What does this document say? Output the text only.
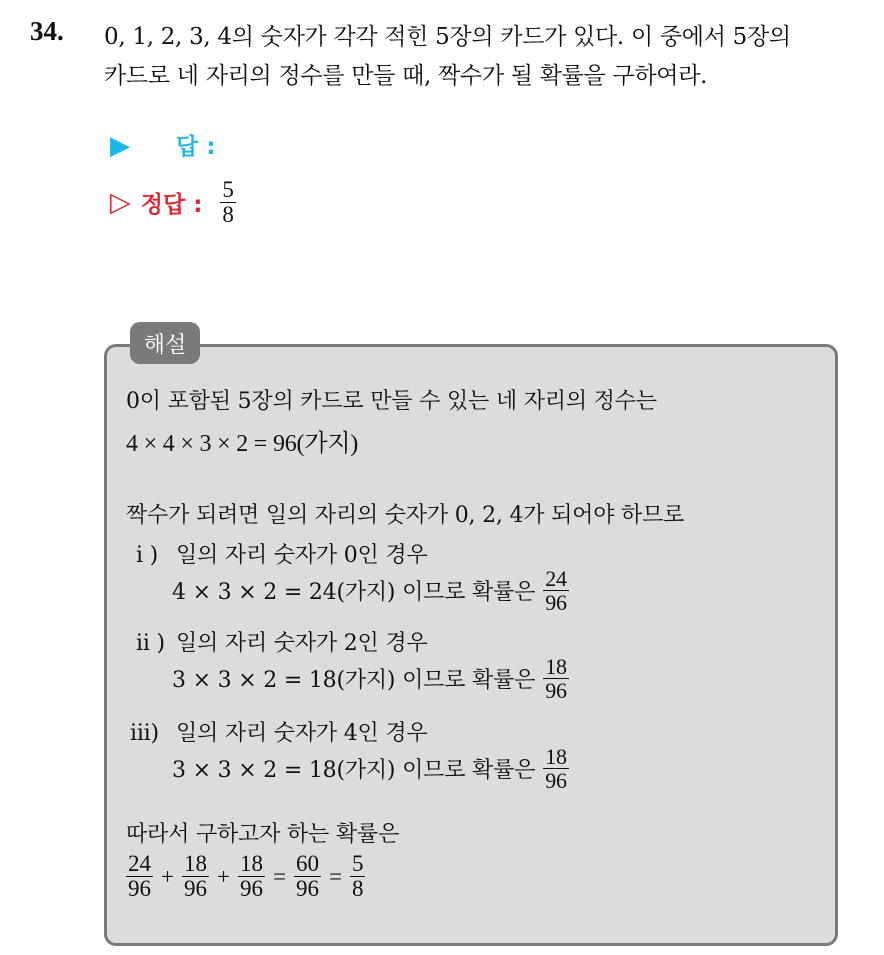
34. 0, 1, 2, 3, 4의 숫자가 각각 적힌 5장의 카드가 있다. 이 중에서 5장의
카드로 네 자리의 정수를 만들 때, 짝수가 될 확률을 구하여라.
▶ 답 :
▷ 정답 : $\frac{5}{8}$
해설
0이 포함된 5장의 카드로 만들 수 있는 네 자리의 정수는
4 × 4 × 3 × 2 = 96(가지)
짝수가 되려면 일의 자리의 숫자가 0, 2, 4가 되어야 하므로
i ) 일의 자리 숫자가 0인 경우
4 × 3 × 2 = 24(가지) 이므로 확률은 $\frac{24}{96}$
ii ) 일의 자리 숫자가 2인 경우
3 × 3 × 2 = 18(가지) 이므로 확률은 $\frac{18}{96}$
iii) 일의 자리 숫자가 4인 경우
3 × 3 × 2 = 18(가지) 이므로 확률은 $\frac{18}{96}$
따라서 구하고자 하는 확률은
$\frac{24}{96} + \frac{18}{96} + \frac{18}{96} = \frac{60}{96} = \frac{5}{8}$
